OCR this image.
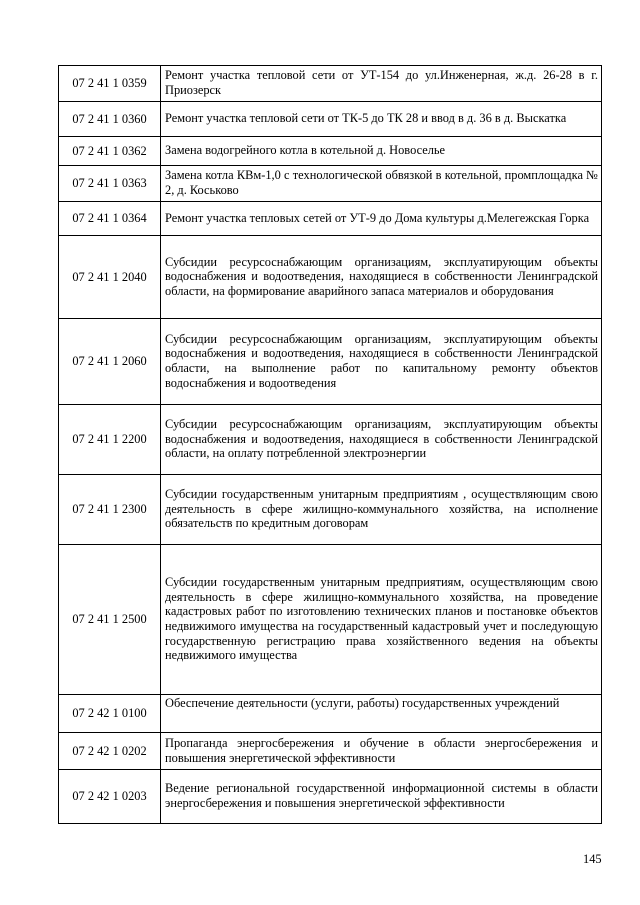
07 2 41 1 0359	Ремонт участка тепловой сети от УТ-154 до ул.Инженерная, ж.д. 26-28 в г. Приозерск
07 2 41 1 0360	Ремонт участка тепловой сети от ТК-5 до ТК 28 и ввод в д. 36 в д. Выскатка
07 2 41 1 0362	Замена водогрейного котла в котельной д. Новоселье
07 2 41 1 0363	Замена котла КВм-1,0 с технологической обвязкой в котельной, промплощадка № 2, д. Коськово
07 2 41 1 0364	Ремонт участка тепловых сетей от УТ-9 до Дома культуры д.Мелегежская Горка
07 2 41 1 2040	Субсидии ресурсоснабжающим организациям, эксплуатирующим объекты водоснабжения и водоотведения, находящиеся в собственности Ленинградской области, на формирование аварийного запаса материалов и оборудования
07 2 41 1 2060	Субсидии ресурсоснабжающим организациям, эксплуатирующим объекты водоснабжения и водоотведения, находящиеся в собственности Ленинградской области, на выполнение работ по капитальному ремонту объектов водоснабжения и водоотведения
07 2 41 1 2200	Субсидии ресурсоснабжающим организациям, эксплуатирующим объекты водоснабжения и водоотведения, находящиеся в собственности Ленинградской области, на оплату потребленной электроэнергии
07 2 41 1 2300	Субсидии государственным унитарным предприятиям , осуществляющим свою деятельность в сфере жилищно-коммунального хозяйства, на исполнение обязательств по кредитным договорам
07 2 41 1 2500	Субсидии государственным унитарным предприятиям, осуществляющим свою деятельность в сфере жилищно-коммунального хозяйства, на проведение кадастровых работ по изготовлению технических планов и постановке объектов недвижимого имущества на государственный кадастровый учет и последующую государственную регистрацию права хозяйственного ведения на объекты недвижимого имущества
07 2 42 1 0100	Обеспечение деятельности (услуги, работы) государственных учреждений
07 2 42 1 0202	Пропаганда энергосбережения и обучение в области энергосбережения и повышения энергетической эффективности
07 2 42 1 0203	Ведение региональной государственной информационной системы в области энергосбережения и повышения энергетической эффективности
145
